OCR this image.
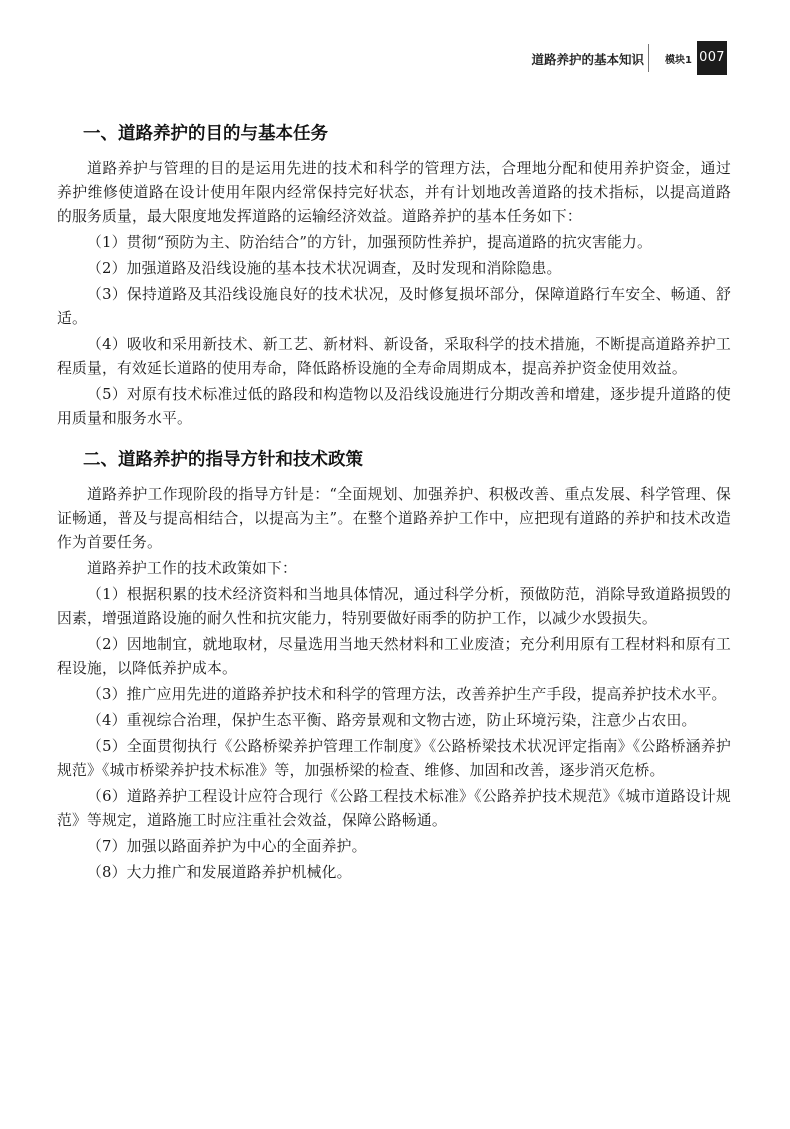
道路养护的基本知识 模块1 007
一、道路养护的目的与基本任务

道路养护与管理的目的是运用先进的技术和科学的管理方法，合理地分配和使用养护资金，通过养护维修使道路在设计使用年限内经常保持完好状态，并有计划地改善道路的技术指标，以提高道路的服务质量，最大限度地发挥道路的运输经济效益。道路养护的基本任务如下：

（1）贯彻“预防为主、防治结合”的方针，加强预防性养护，提高道路的抗灾害能力。

（2）加强道路及沿线设施的基本技术状况调查，及时发现和消除隐患。

（3）保持道路及其沿线设施良好的技术状况，及时修复损坏部分，保障道路行车安全、畅通、舒适。

（4）吸收和采用新技术、新工艺、新材料、新设备，采取科学的技术措施，不断提高道路养护工程质量，有效延长道路的使用寿命，降低路桥设施的全寿命周期成本，提高养护资金使用效益。

（5）对原有技术标准过低的路段和构造物以及沿线设施进行分期改善和增建，逐步提升道路的使用质量和服务水平。

二、道路养护的指导方针和技术政策

道路养护工作现阶段的指导方针是：“全面规划、加强养护、积极改善、重点发展、科学管理、保证畅通，普及与提高相结合，以提高为主”。在整个道路养护工作中，应把现有道路的养护和技术改造作为首要任务。

道路养护工作的技术政策如下：

（1）根据积累的技术经济资料和当地具体情况，通过科学分析，预做防范，消除导致道路损毁的因素，增强道路设施的耐久性和抗灾能力，特别要做好雨季的防护工作，以减少水毁损失。

（2）因地制宜，就地取材，尽量选用当地天然材料和工业废渣；充分利用原有工程材料和原有工程设施，以降低养护成本。

（3）推广应用先进的道路养护技术和科学的管理方法，改善养护生产手段，提高养护技术水平。

（4）重视综合治理，保护生态平衡、路旁景观和文物古迹，防止环境污染，注意少占农田。

（5）全面贯彻执行《公路桥梁养护管理工作制度》《公路桥梁技术状况评定指南》《公路桥涵养护规范》《城市桥梁养护技术标准》等，加强桥梁的检查、维修、加固和改善，逐步消灭危桥。

（6）道路养护工程设计应符合现行《公路工程技术标准》《公路养护技术规范》《城市道路设计规范》等规定，道路施工时应注重社会效益，保障公路畅通。

（7）加强以路面养护为中心的全面养护。

（8）大力推广和发展道路养护机械化。
